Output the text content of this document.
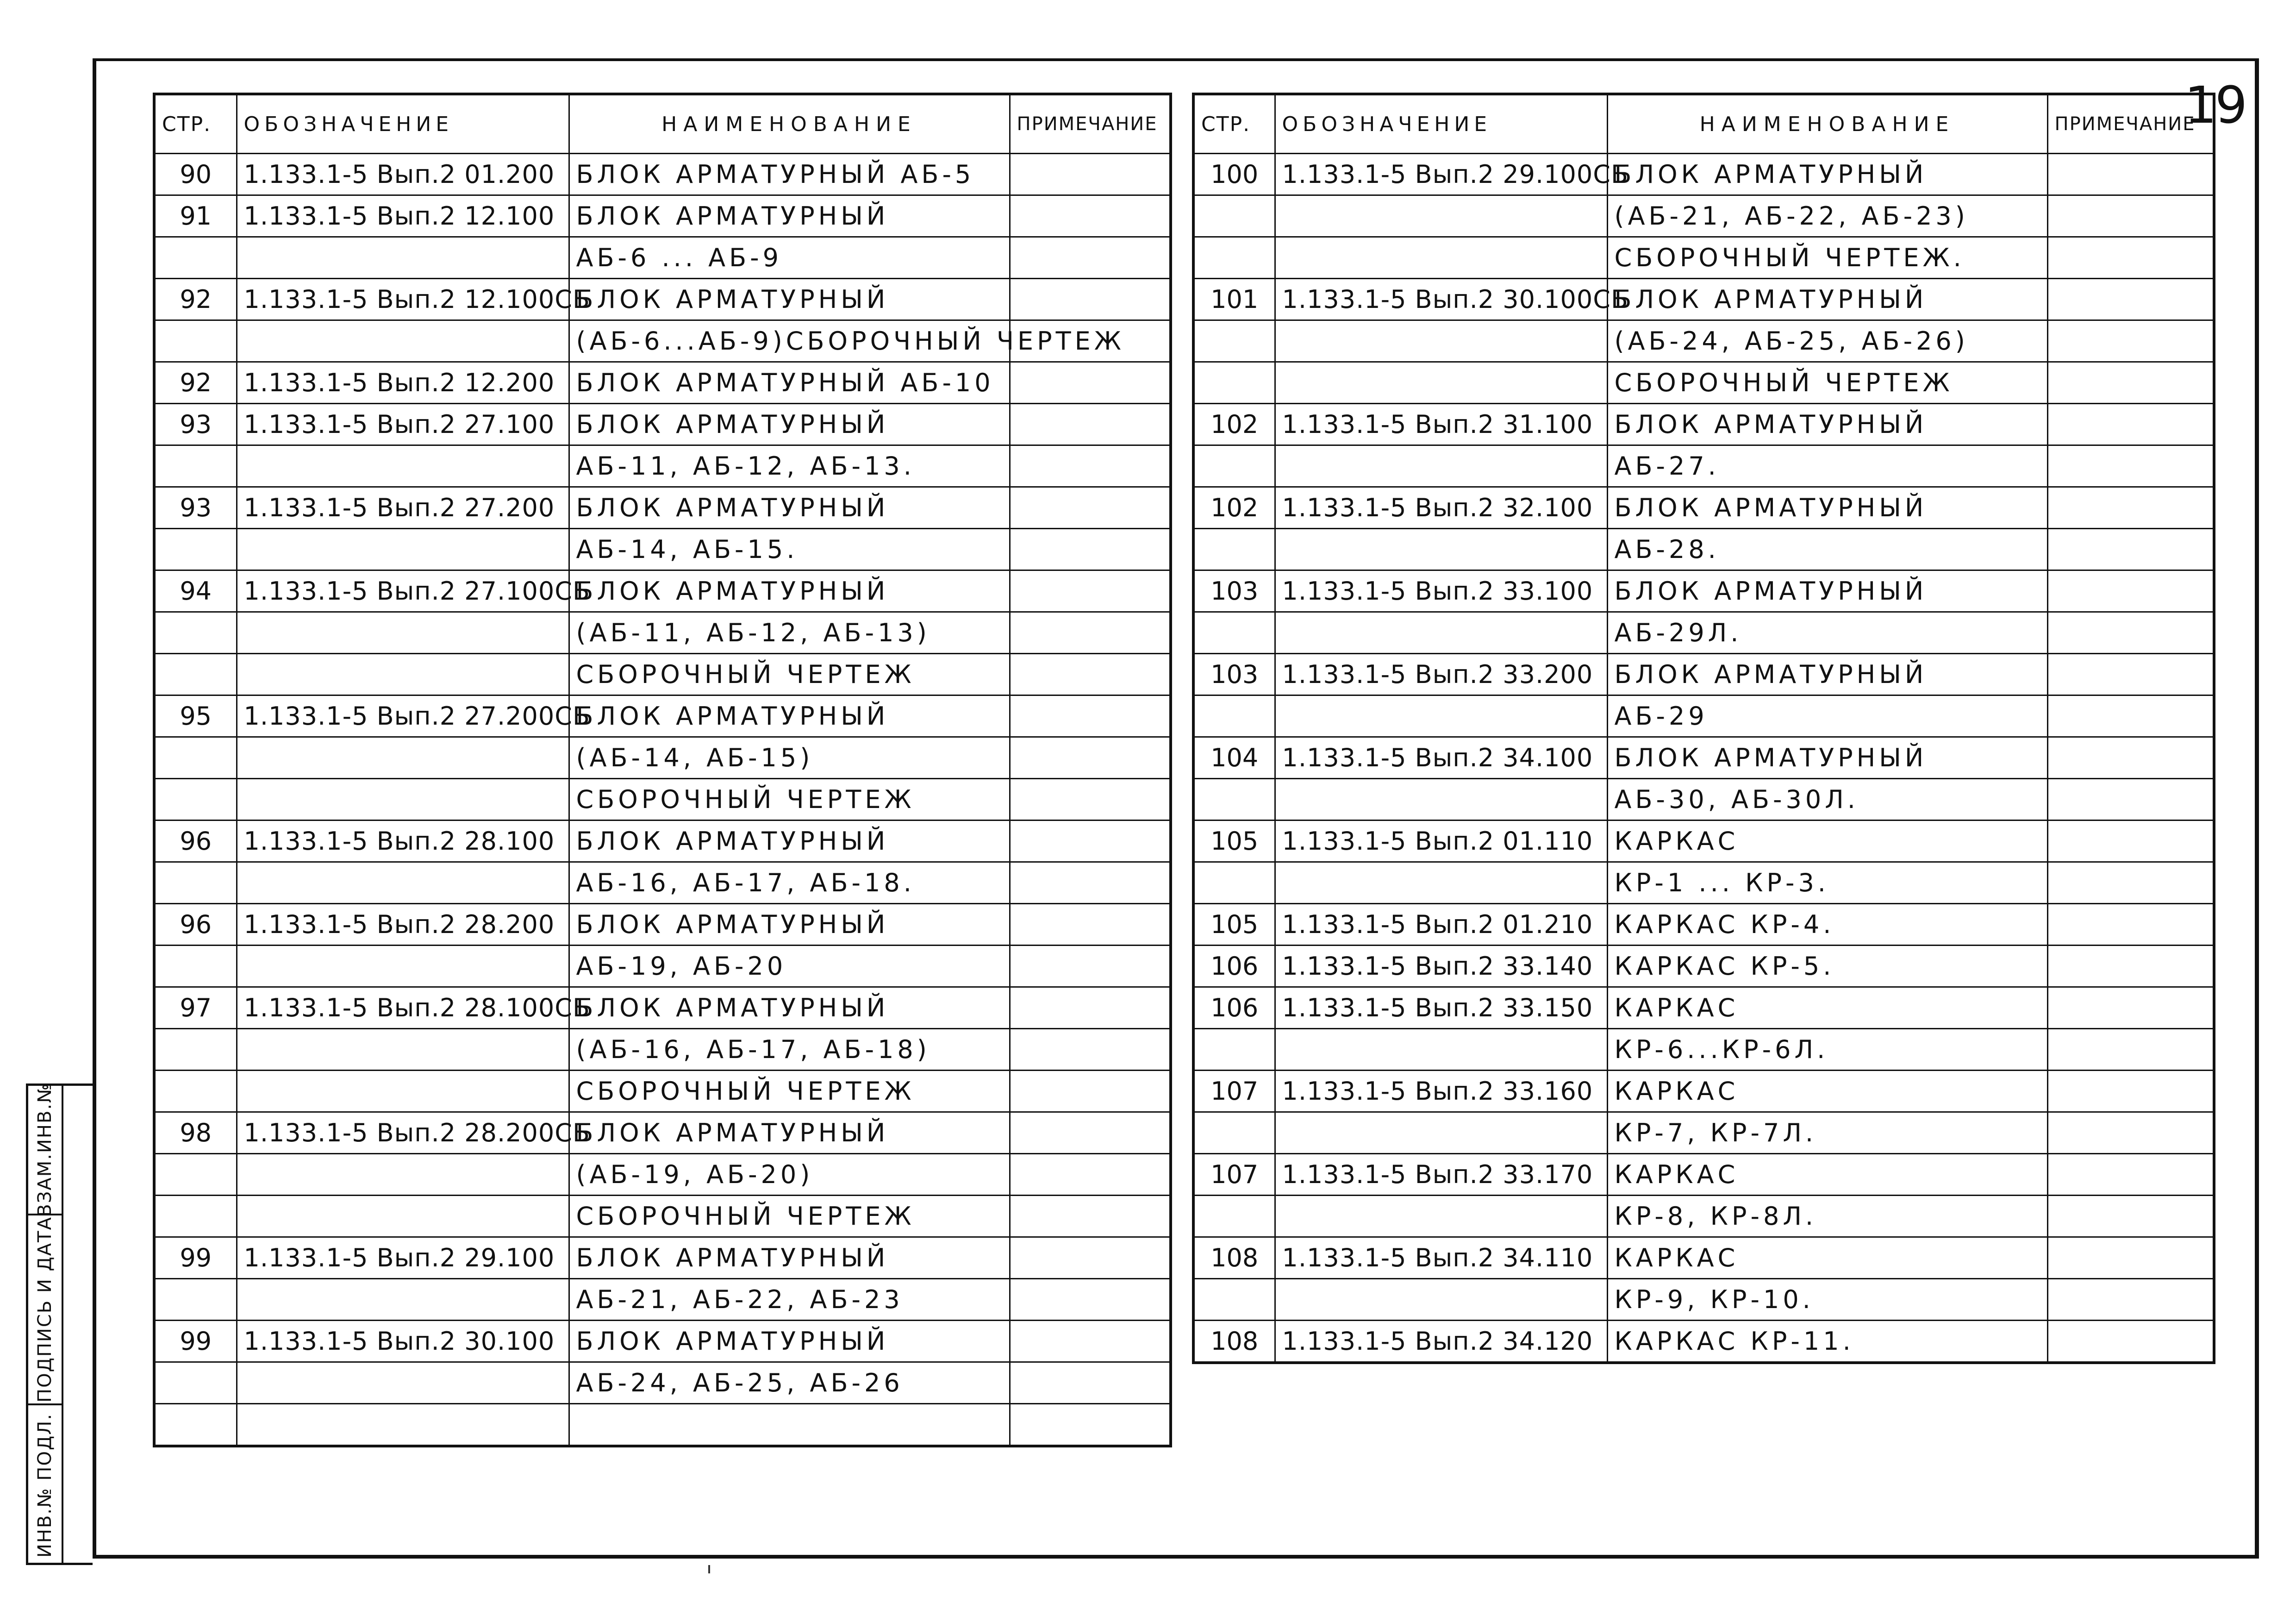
19
СТР.	ОБОЗНАЧЕНИЕ	НАИМЕНОВАНИЕ	ПРИМЕЧАНИЕ
90	1.133.1-5 Вып.2 01.200	БЛОК АРМАТУРНЫЙ АБ-5	
91	1.133.1-5 Вып.2 12.100	БЛОК АРМАТУРНЫЙ	
		АБ-6 ... АБ-9	
92	1.133.1-5 Вып.2 12.100СБ	БЛОК АРМАТУРНЫЙ	
		(АБ-6...АБ-9)СБОРОЧНЫЙ ЧЕРТЕЖ	
92	1.133.1-5 Вып.2 12.200	БЛОК АРМАТУРНЫЙ АБ-10	
93	1.133.1-5 Вып.2 27.100	БЛОК АРМАТУРНЫЙ	
		АБ-11, АБ-12, АБ-13.	
93	1.133.1-5 Вып.2 27.200	БЛОК АРМАТУРНЫЙ	
		АБ-14, АБ-15.	
94	1.133.1-5 Вып.2 27.100СБ	БЛОК АРМАТУРНЫЙ	
		(АБ-11, АБ-12, АБ-13)	
		СБОРОЧНЫЙ ЧЕРТЕЖ	
95	1.133.1-5 Вып.2 27.200СБ	БЛОК АРМАТУРНЫЙ	
		(АБ-14, АБ-15)	
		СБОРОЧНЫЙ ЧЕРТЕЖ	
96	1.133.1-5 Вып.2 28.100	БЛОК АРМАТУРНЫЙ	
		АБ-16, АБ-17, АБ-18.	
96	1.133.1-5 Вып.2 28.200	БЛОК АРМАТУРНЫЙ	
		АБ-19, АБ-20	
97	1.133.1-5 Вып.2 28.100СБ	БЛОК АРМАТУРНЫЙ	
		(АБ-16, АБ-17, АБ-18)	
		СБОРОЧНЫЙ ЧЕРТЕЖ	
98	1.133.1-5 Вып.2 28.200СБ	БЛОК АРМАТУРНЫЙ	
		(АБ-19, АБ-20)	
		СБОРОЧНЫЙ ЧЕРТЕЖ	
99	1.133.1-5 Вып.2 29.100	БЛОК АРМАТУРНЫЙ	
		АБ-21, АБ-22, АБ-23	
99	1.133.1-5 Вып.2 30.100	БЛОК АРМАТУРНЫЙ	
		АБ-24, АБ-25, АБ-26	

СТР.	ОБОЗНАЧЕНИЕ	НАИМЕНОВАНИЕ	ПРИМЕЧАНИЕ
100	1.133.1-5 Вып.2 29.100СБ	БЛОК АРМАТУРНЫЙ	
		(АБ-21, АБ-22, АБ-23)	
		СБОРОЧНЫЙ ЧЕРТЕЖ.	
101	1.133.1-5 Вып.2 30.100СБ	БЛОК АРМАТУРНЫЙ	
		(АБ-24, АБ-25, АБ-26)	
		СБОРОЧНЫЙ ЧЕРТЕЖ	
102	1.133.1-5 Вып.2 31.100	БЛОК АРМАТУРНЫЙ	
		АБ-27.	
102	1.133.1-5 Вып.2 32.100	БЛОК АРМАТУРНЫЙ	
		АБ-28.	
103	1.133.1-5 Вып.2 33.100	БЛОК АРМАТУРНЫЙ	
		АБ-29Л.	
103	1.133.1-5 Вып.2 33.200	БЛОК АРМАТУРНЫЙ	
		АБ-29	
104	1.133.1-5 Вып.2 34.100	БЛОК АРМАТУРНЫЙ	
		АБ-30, АБ-30Л.	
105	1.133.1-5 Вып.2 01.110	КАРКАС	
		КР-1 ... КР-3.	
105	1.133.1-5 Вып.2 01.210	КАРКАС КР-4.	
106	1.133.1-5 Вып.2 33.140	КАРКАС КР-5.	
106	1.133.1-5 Вып.2 33.150	КАРКАС	
		КР-6...КР-6Л.	
107	1.133.1-5 Вып.2 33.160	КАРКАС	
		КР-7, КР-7Л.	
107	1.133.1-5 Вып.2 33.170	КАРКАС	
		КР-8, КР-8Л.	
108	1.133.1-5 Вып.2 34.110	КАРКАС	
		КР-9, КР-10.	
108	1.133.1-5 Вып.2 34.120	КАРКАС КР-11.	
ВЗАМ.ИНВ.№
ПОДПИСЬ И ДАТА
ИНВ.№ ПОДЛ.
